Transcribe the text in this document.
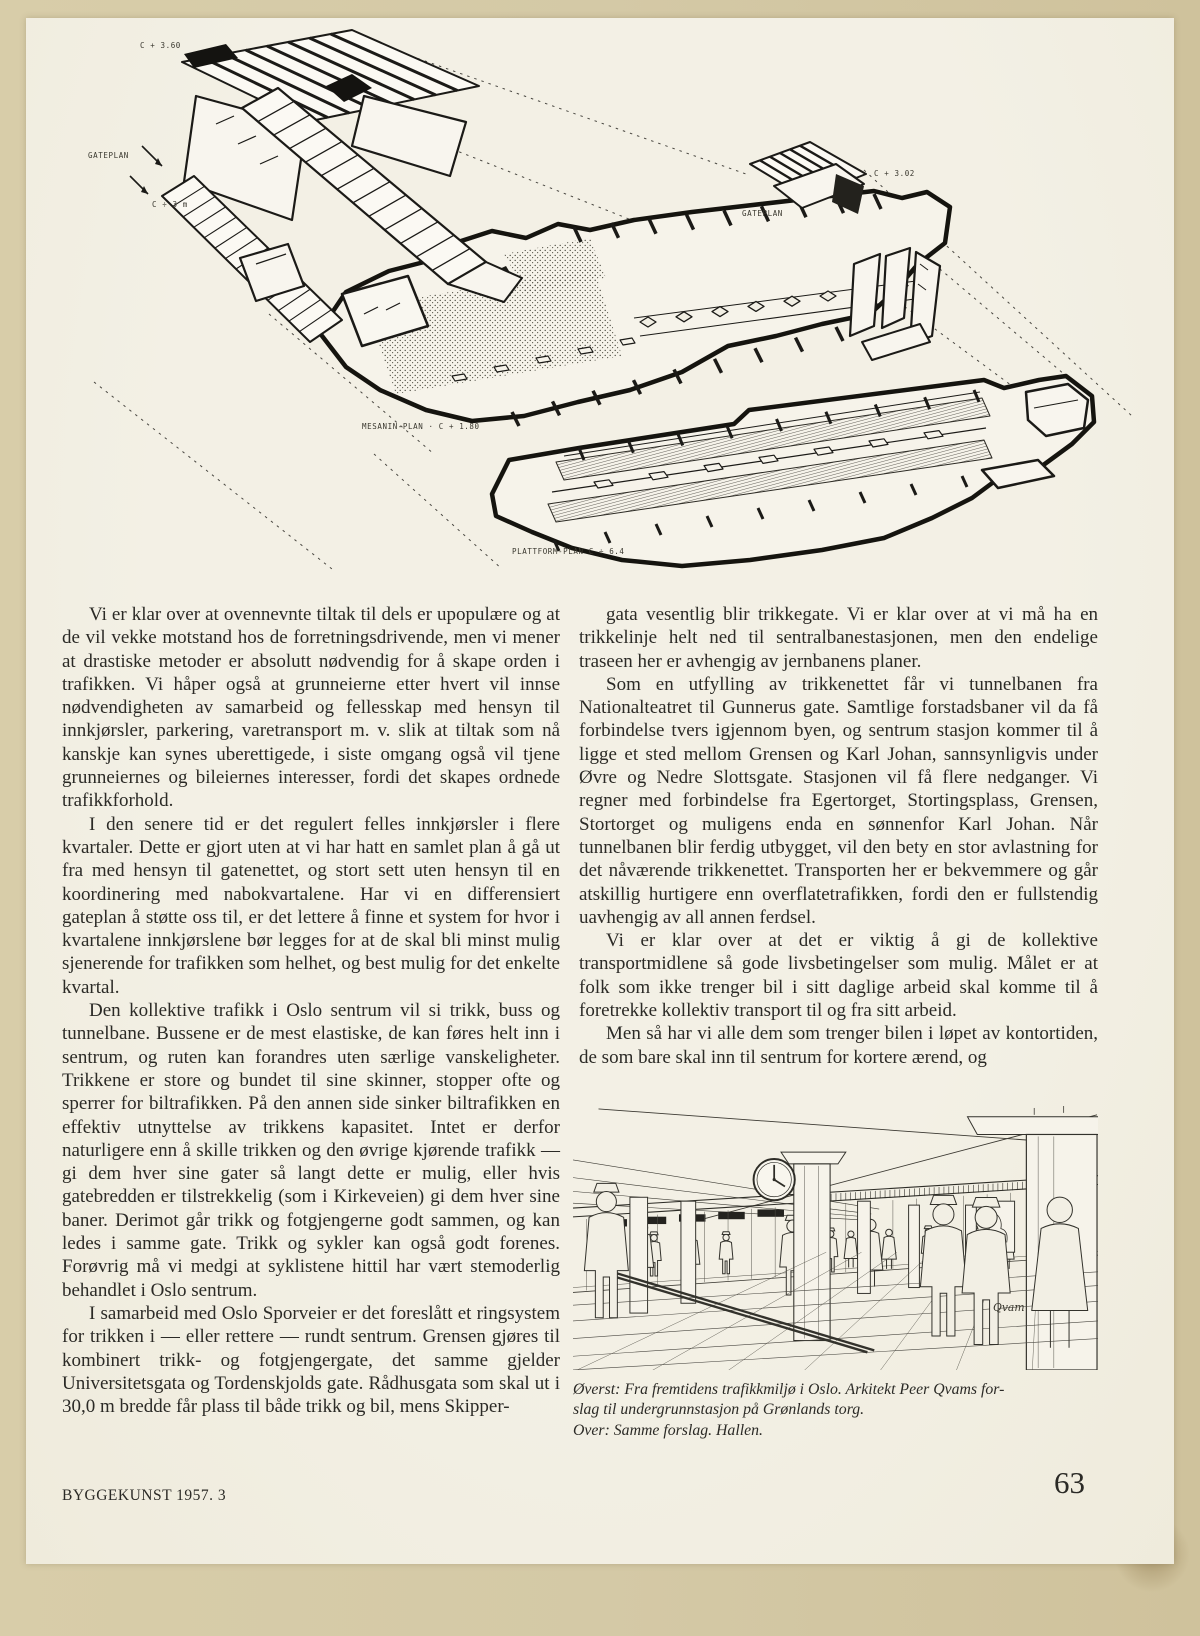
C + 3.60
GATEPLAN
C ÷ 3 m
MESANIN-PLAN · C + 1.80
GATEPLAN
C + 3.02
PLATTFORM-PLAN C ÷ 6.4

Vi er klar over at ovennevnte tiltak til dels er upopulære og at de vil vekke motstand hos de forretningsdrivende, men vi mener at drastiske metoder er absolutt nødvendig for å skape orden i trafikken. Vi håper også at grunneierne etter hvert vil innse nødvendigheten av samarbeid og fellesskap med hensyn til innkjørsler, parkering, varetransport m. v. slik at tiltak som nå kanskje kan synes uberettigede, i siste omgang også vil tjene grunneiernes og bileiernes interesser, fordi det skapes ordnede trafikkforhold.

I den senere tid er det regulert felles innkjørsler i flere kvartaler. Dette er gjort uten at vi har hatt en samlet plan å gå ut fra med hensyn til gatenettet, og stort sett uten hensyn til en koordinering med nabokvartalene. Har vi en differensiert gateplan å støtte oss til, er det lettere å finne et system for hvor i kvartalene innkjørslene bør legges for at de skal bli minst mulig sjenerende for trafikken som helhet, og best mulig for det enkelte kvartal.

Den kollektive trafikk i Oslo sentrum vil si trikk, buss og tunnelbane. Bussene er de mest elastiske, de kan føres helt inn i sentrum, og ruten kan forandres uten særlige vanskeligheter. Trikkene er store og bundet til sine skinner, stopper ofte og sperrer for biltrafikken. På den annen side sinker biltrafikken en effektiv utnyttelse av trikkens kapasitet. Intet er derfor naturligere enn å skille trikken og den øvrige kjørende trafikk — gi dem hver sine gater så langt dette er mulig, eller hvis gatebredden er tilstrekkelig (som i Kirkeveien) gi dem hver sine baner. Derimot går trikk og fotgjengerne godt sammen, og kan ledes i samme gate. Trikk og sykler kan også godt forenes. Forøvrig må vi medgi at syklistene hittil har vært stemoderlig behandlet i Oslo sentrum.

I samarbeid med Oslo Sporveier er det foreslått et ringsystem for trikken i — eller rettere — rundt sentrum. Grensen gjøres til kombinert trikk- og fotgjengergate, det samme gjelder Universitetsgata og Tordenskjolds gate. Rådhusgata som skal ut i 30,0 m bredde får plass til både trikk og bil, mens Skipper-

gata vesentlig blir trikkegate. Vi er klar over at vi må ha en trikkelinje helt ned til sentralbanestasjonen, men den endelige traseen her er avhengig av jernbanens planer.

Som en utfylling av trikkenettet får vi tunnelbanen fra Nationalteatret til Gunnerus gate. Samtlige forstadsbaner vil da få forbindelse tvers igjennom byen, og sentrum stasjon kommer til å ligge et sted mellom Grensen og Karl Johan, sannsynligvis under Øvre og Nedre Slottsgate. Stasjonen vil få flere nedganger. Vi regner med forbindelse fra Egertorget, Stortingsplass, Grensen, Stortorget og muligens enda en sønnenfor Karl Johan. Når tunnelbanen blir ferdig utbygget, vil den bety en stor avlastning for det nåværende trikkenettet. Transporten her er bekvemmere og går atskillig hurtigere enn overflatetrafikken, fordi den er fullstendig uavhengig av all annen ferdsel.

Vi er klar over at det er viktig å gi de kollektive transportmidlene så gode livsbetingelser som mulig. Målet er at folk som ikke trenger bil i sitt daglige arbeid skal komme til å foretrekke kollektiv transport til og fra sitt arbeid.

Men så har vi alle dem som trenger bilen i løpet av kontortiden, de som bare skal inn til sentrum for kortere ærend, og

Qvam
Øverst: Fra fremtidens trafikkmiljø i Oslo. Arkitekt Peer Qvams for-
slag til undergrunnstasjon på Grønlands torg.
Over: Samme forslag. Hallen.
BYGGEKUNST 1957. 3	63
